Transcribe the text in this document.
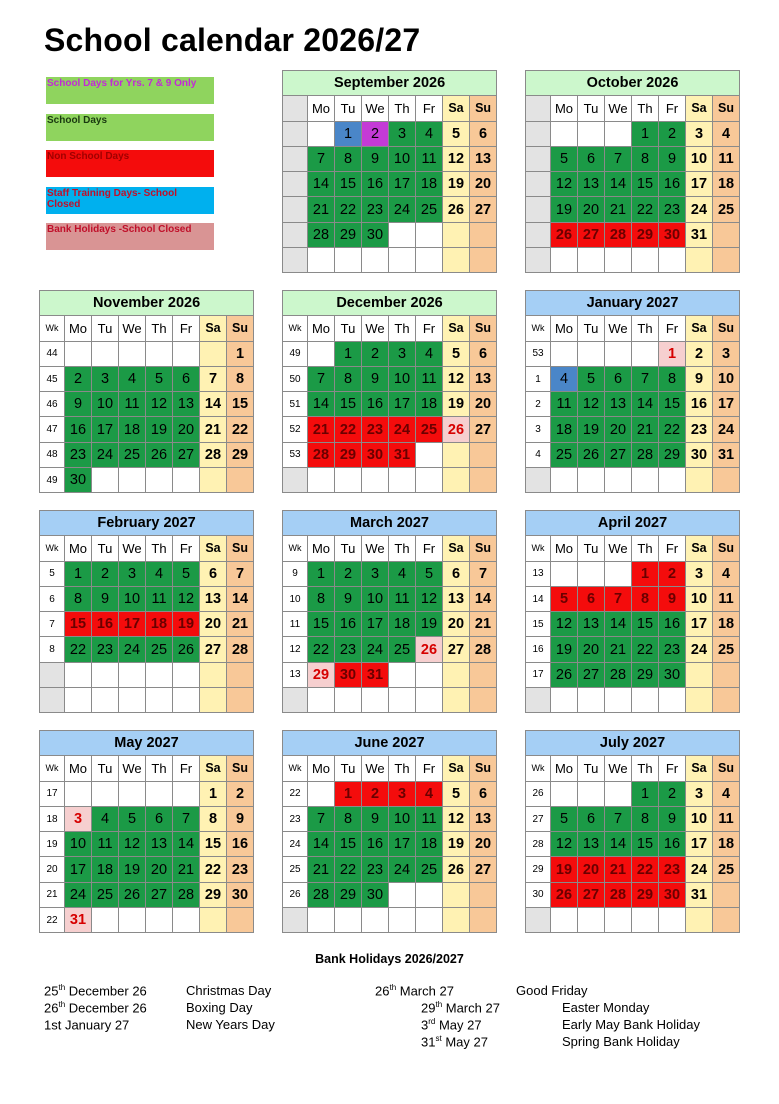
School calendar 2026/27
School Days for Yrs. 7 & 9 Only
School Days
Non School Days
Staff Training Days- School Closed
Bank Holidays -School Closed
September 2026							
	Mo	Tu	We	Th	Fr	Sa	Su
		1	2	3	4	5	6
	7	8	9	10	11	12	13
	14	15	16	17	18	19	20
	21	22	23	24	25	26	27
	28	29	30				

October 2026							
	Mo	Tu	We	Th	Fr	Sa	Su
				1	2	3	4
	5	6	7	8	9	10	11
	12	13	14	15	16	17	18
	19	20	21	22	23	24	25
	26	27	28	29	30	31	

November 2026							
Wk	Mo	Tu	We	Th	Fr	Sa	Su
44							1
45	2	3	4	5	6	7	8
46	9	10	11	12	13	14	15
47	16	17	18	19	20	21	22
48	23	24	25	26	27	28	29
49	30						
December 2026							
Wk	Mo	Tu	We	Th	Fr	Sa	Su
49		1	2	3	4	5	6
50	7	8	9	10	11	12	13
51	14	15	16	17	18	19	20
52	21	22	23	24	25	26	27
53	28	29	30	31			

January 2027							
Wk	Mo	Tu	We	Th	Fr	Sa	Su
53					1	2	3
1	4	5	6	7	8	9	10
2	11	12	13	14	15	16	17
3	18	19	20	21	22	23	24
4	25	26	27	28	29	30	31

February 2027							
Wk	Mo	Tu	We	Th	Fr	Sa	Su
5	1	2	3	4	5	6	7
6	8	9	10	11	12	13	14
7	15	16	17	18	19	20	21
8	22	23	24	25	26	27	28

March 2027							
Wk	Mo	Tu	We	Th	Fr	Sa	Su
9	1	2	3	4	5	6	7
10	8	9	10	11	12	13	14
11	15	16	17	18	19	20	21
12	22	23	24	25	26	27	28
13	29	30	31				

April 2027							
Wk	Mo	Tu	We	Th	Fr	Sa	Su
13				1	2	3	4
14	5	6	7	8	9	10	11
15	12	13	14	15	16	17	18
16	19	20	21	22	23	24	25
17	26	27	28	29	30		

May 2027							
Wk	Mo	Tu	We	Th	Fr	Sa	Su
17						1	2
18	3	4	5	6	7	8	9
19	10	11	12	13	14	15	16
20	17	18	19	20	21	22	23
21	24	25	26	27	28	29	30
22	31						
June 2027							
Wk	Mo	Tu	We	Th	Fr	Sa	Su
22		1	2	3	4	5	6
23	7	8	9	10	11	12	13
24	14	15	16	17	18	19	20
25	21	22	23	24	25	26	27
26	28	29	30				

July 2027							
Wk	Mo	Tu	We	Th	Fr	Sa	Su
26				1	2	3	4
27	5	6	7	8	9	10	11
28	12	13	14	15	16	17	18
29	19	20	21	22	23	24	25
30	26	27	28	29	30	31	

Bank Holidays 2026/2027
25th December 26	Christmas Day
26th December 26	Boxing Day
1st January 27	New Years Day
26th March 27	Good Friday
29th March 27	Easter Monday
3rd May 27	Early May Bank Holiday
31st May 27	Spring Bank Holiday
